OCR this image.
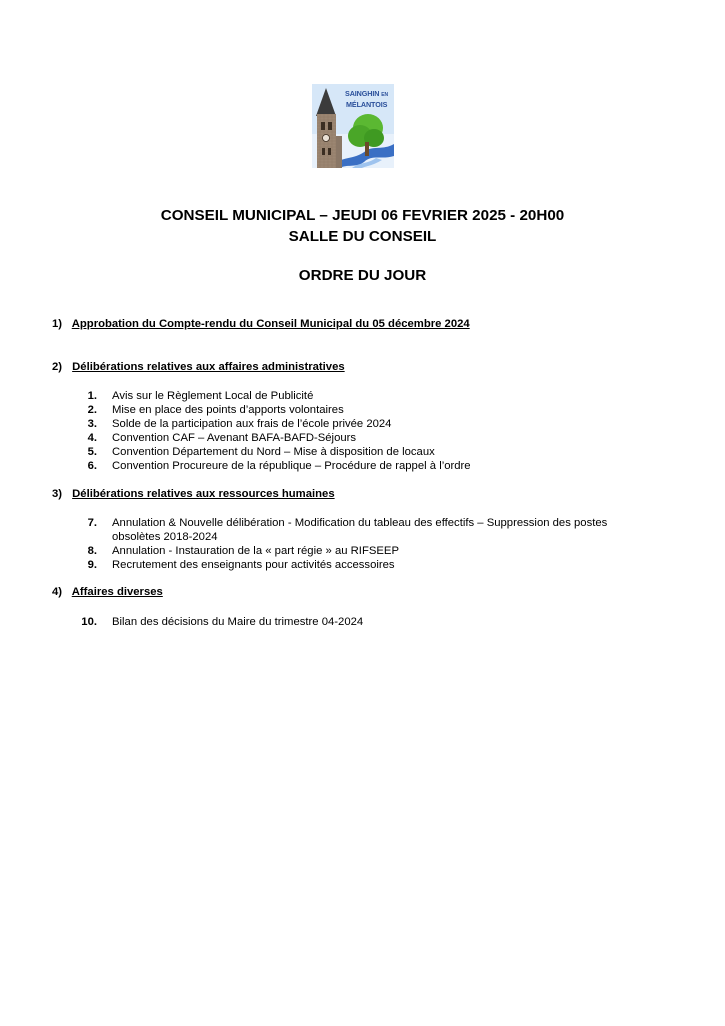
SAINGHIN EN
MÉLANTOIS
CONSEIL MUNICIPAL – JEUDI 06 FEVRIER 2025 - 20H00
SALLE DU CONSEIL
ORDRE DU JOUR
1) Approbation du Compte-rendu du Conseil Municipal du 05 décembre 2024
2) Délibérations relatives aux affaires administratives
1. Avis sur le Règlement Local de Publicité
2. Mise en place des points d’apports volontaires
3. Solde de la participation aux frais de l’école privée 2024
4. Convention CAF – Avenant BAFA-BAFD-Séjours
5. Convention Département du Nord – Mise à disposition de locaux
6. Convention Procureure de la république – Procédure de rappel à l’ordre
3) Délibérations relatives aux ressources humaines
7. Annulation & Nouvelle délibération - Modification du tableau des effectifs – Suppression des postes obsolètes 2018-2024
8. Annulation - Instauration de la « part régie » au RIFSEEP
9. Recrutement des enseignants pour activités accessoires
4) Affaires diverses
10. Bilan des décisions du Maire du trimestre 04-2024
